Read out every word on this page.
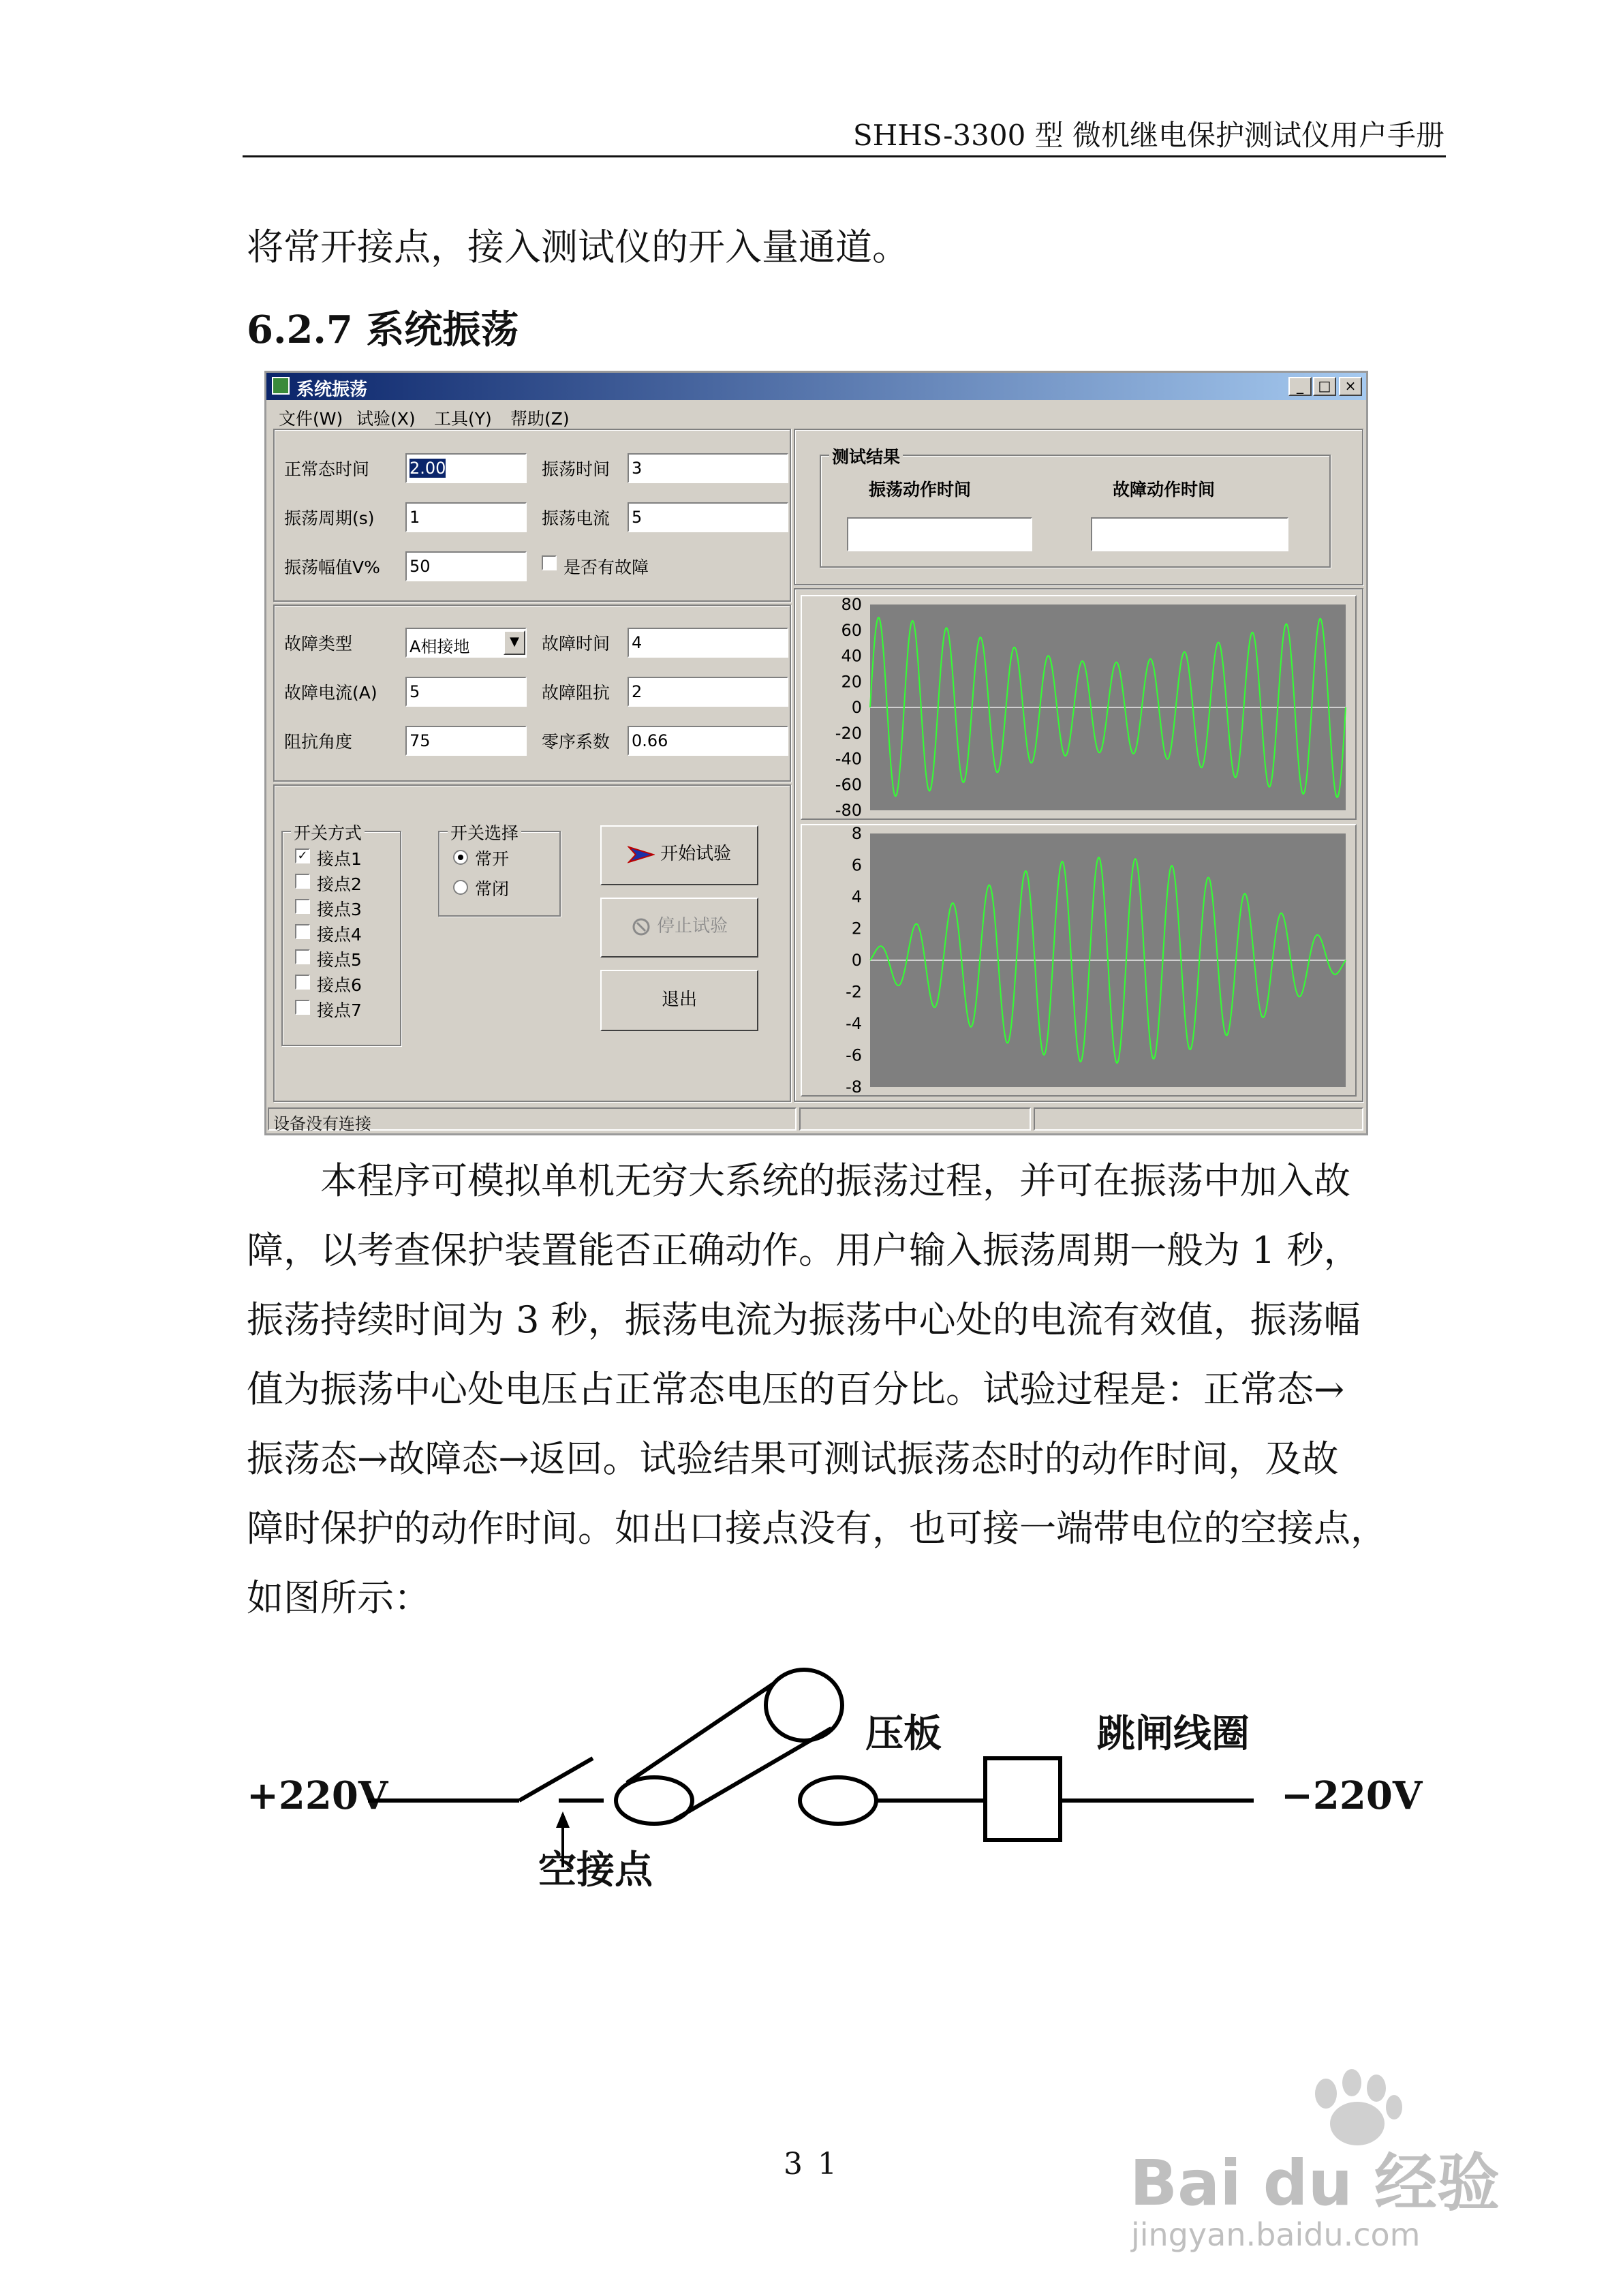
SHHS-3300 型 微机继电保护测试仪用户手册
将常开接点，接入测试仪的开入量通道。
6.2.7 系统振荡
系统振荡	_	□	×
文件(W) 试验(X) 工具(Y) 帮助(Z)
正常态时间 2.00	振荡时间 3
振荡周期(s) 1	振荡电流 5
振荡幅值V% 50	是否有故障
故障类型	A相接地	▼	故障时间 4
故障电流(A) 5	故障阻抗 2
阻抗角度	75	零序系数 0.66
开关方式
✓ 接点1
接点2
接点3
接点4
接点5
接点6
接点7
开关选择
常开
常闭
开始试验
停止试验
退出
测试结果
振荡动作时间	故障动作时间
80
60
40
20
0
-20
-40
-60
-80
8
6
4
2
0
-2
-4
-6
-8
设备没有连接
本程序可模拟单机无穷大系统的振荡过程，并可在振荡中加入故
障，以考查保护装置能否正确动作。用户输入振荡周期一般为 1 秒，
振荡持续时间为 3 秒，振荡电流为振荡中心处的电流有效值，振荡幅
值为振荡中心处电压占正常态电压的百分比。试验过程是：正常态→
振荡态→故障态→返回。试验结果可测试振荡态时的动作时间，及故
障时保护的动作时间。如出口接点没有，也可接一端带电位的空接点，
如图所示：
+220V	−220V
压板	跳闸线圈
空接点
31	Bai du 经验
jingyan.baidu.com
